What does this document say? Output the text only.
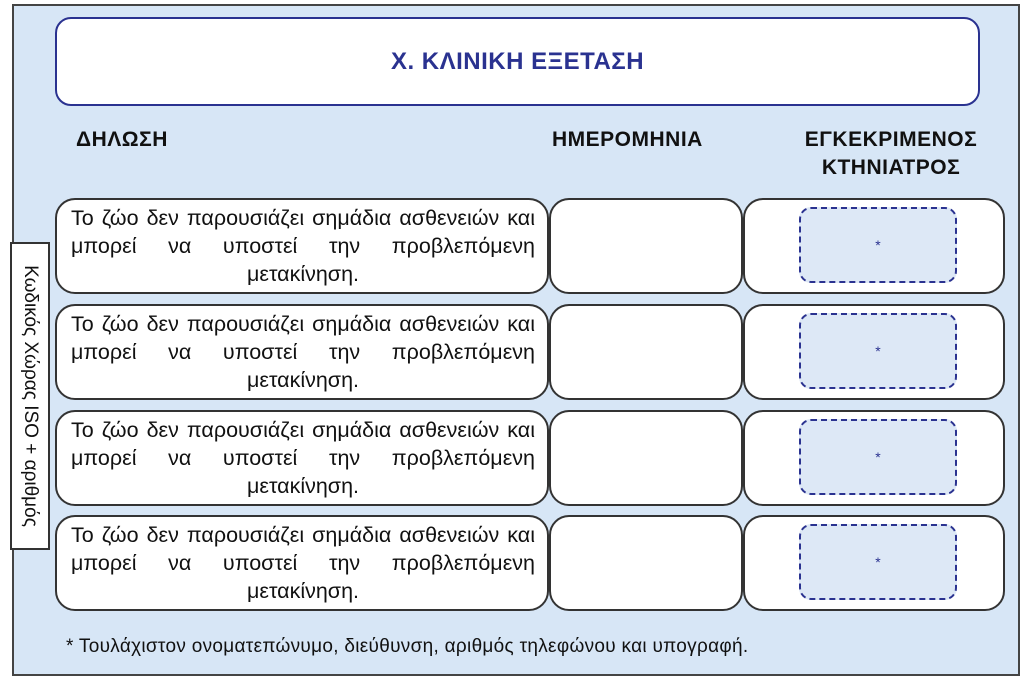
Κωδικός Χώρας ISO + αριθμός
Χ. ΚΛΙΝΙΚΗ ΕΞΕΤΑΣΗ
ΔΗΛΩΣΗ	ΗΜΕΡΟΜΗΝΙΑ	ΕΓΚΕΚΡΙΜΕΝΟΣ
ΚΤΗΝΙΑΤΡΟΣ
Το ζώο δεν παρουσιάζει σημάδια ασθενειών και μπορεί να υποστεί την προβλεπόμενη μετακίνηση.
*
Το ζώο δεν παρουσιάζει σημάδια ασθενειών και μπορεί να υποστεί την προβλεπόμενη μετακίνηση.
*
Το ζώο δεν παρουσιάζει σημάδια ασθενειών και μπορεί να υποστεί την προβλεπόμενη μετακίνηση.
*
Το ζώο δεν παρουσιάζει σημάδια ασθενειών και μπορεί να υποστεί την προβλεπόμενη μετακίνηση.
*
* Τουλάχιστον ονοματεπώνυμο, διεύθυνση, αριθμός τηλεφώνου και υπογραφή.
